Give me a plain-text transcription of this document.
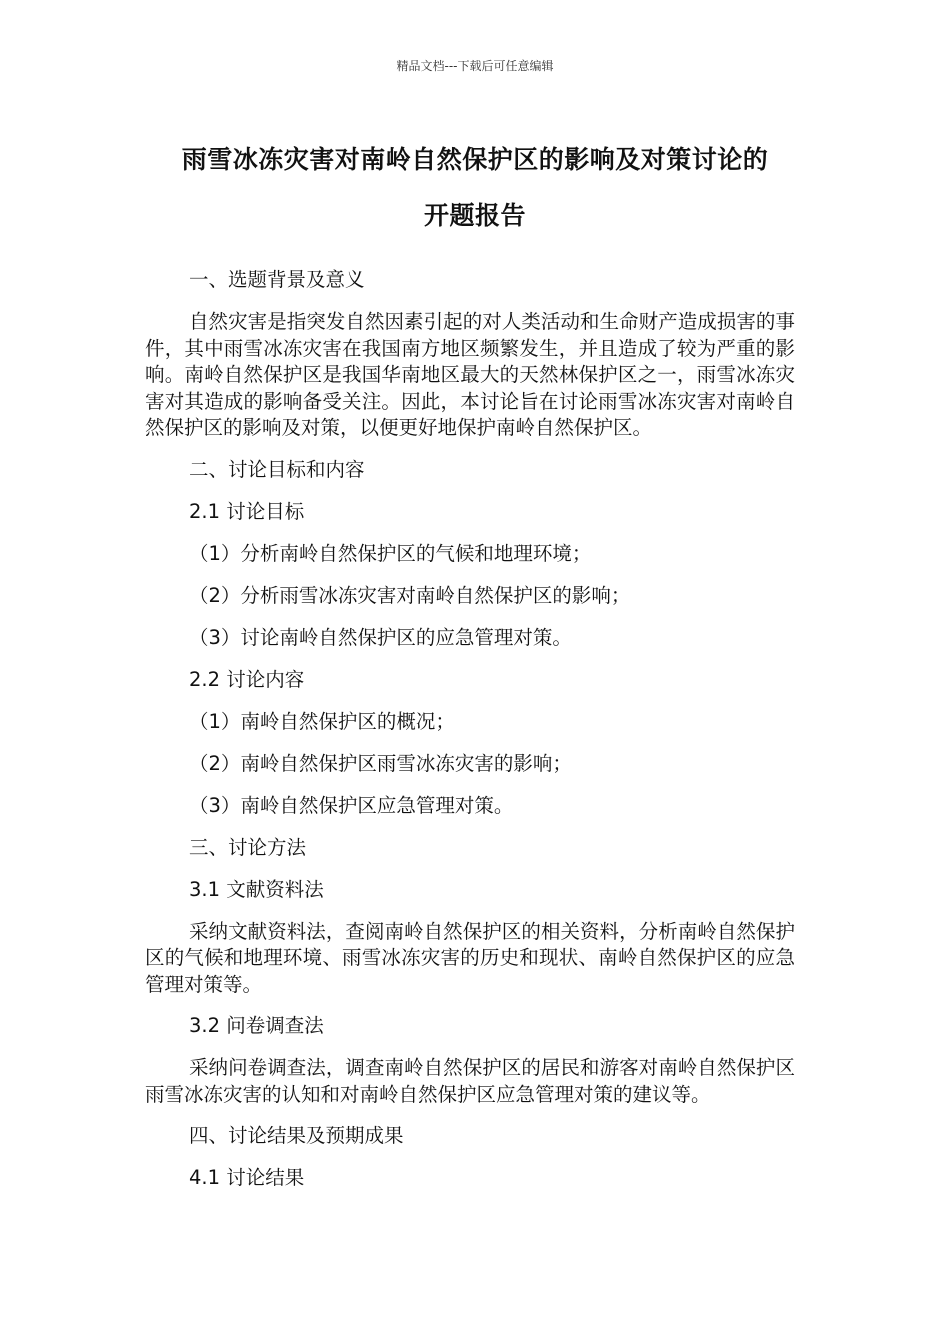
精品文档---下载后可任意编辑
雨雪冰冻灾害对南岭自然保护区的影响及对策讨论的
开题报告

一、选题背景及意义

自然灾害是指突发自然因素引起的对人类活动和生命财产造成损害的事件，其中雨雪冰冻灾害在我国南方地区频繁发生，并且造成了较为严重的影响。南岭自然保护区是我国华南地区最大的天然林保护区之一，雨雪冰冻灾害对其造成的影响备受关注。因此，本讨论旨在讨论雨雪冰冻灾害对南岭自然保护区的影响及对策，以便更好地保护南岭自然保护区。

二、讨论目标和内容

2.1 讨论目标

（1）分析南岭自然保护区的气候和地理环境；

（2）分析雨雪冰冻灾害对南岭自然保护区的影响；

（3）讨论南岭自然保护区的应急管理对策。

2.2 讨论内容

（1）南岭自然保护区的概况；

（2）南岭自然保护区雨雪冰冻灾害的影响；

（3）南岭自然保护区应急管理对策。

三、讨论方法

3.1 文献资料法

采纳文献资料法，查阅南岭自然保护区的相关资料，分析南岭自然保护区的气候和地理环境、雨雪冰冻灾害的历史和现状、南岭自然保护区的应急管理对策等。

3.2 问卷调查法

采纳问卷调查法，调查南岭自然保护区的居民和游客对南岭自然保护区雨雪冰冻灾害的认知和对南岭自然保护区应急管理对策的建议等。

四、讨论结果及预期成果

4.1 讨论结果
